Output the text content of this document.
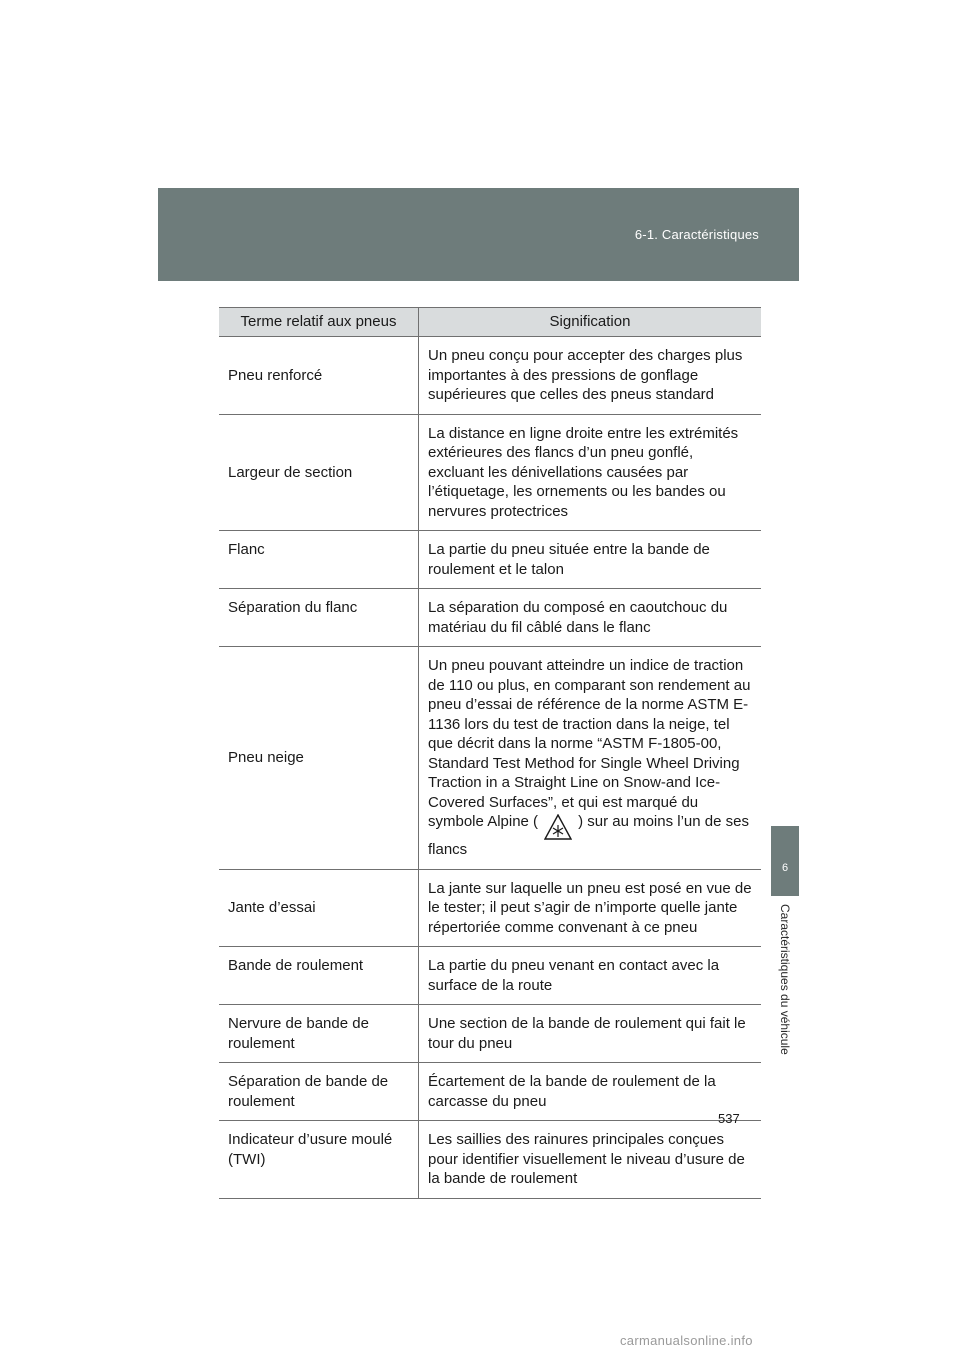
6-1. Caractéristiques
6
Caractéristiques du véhicule
Terme relatif aux pneus	Signification
Pneu renforcé	Un pneu conçu pour accepter des charges plus importantes à des pressions de gonflage supérieures que celles des pneus standard
Largeur de section	La distance en ligne droite entre les extrémités extérieures des flancs d’un pneu gonflé, excluant les dénivellations causées par l’étiquetage, les ornements ou les bandes ou nervures protectrices
Flanc	La partie du pneu située entre la bande de roulement et le talon
Séparation du flanc	La séparation du composé en caoutchouc du matériau du fil câblé dans le flanc
Pneu neige	Un pneu pouvant atteindre un indice de traction de 110 ou plus, en comparant son rendement au pneu d’essai de référence de la norme ASTM E-1136 lors du test de traction dans la neige, tel que décrit dans la norme “ASTM F-1805-00, Standard Test Method for Single Wheel Driving Traction in a Straight Line on Snow-and Ice-Covered Surfaces”, et qui est marqué du symbole Alpine ( ) sur au moins l’un de ses flancs
Jante d’essai	La jante sur laquelle un pneu est posé en vue de le tester; il peut s’agir de n’importe quelle jante répertoriée comme convenant à ce pneu
Bande de roulement	La partie du pneu venant en contact avec la surface de la route
Nervure de bande de roulement	Une section de la bande de roulement qui fait le tour du pneu
Séparation de bande de roulement	Écartement de la bande de roulement de la carcasse du pneu
Indicateur d’usure moulé (TWI)	Les saillies des rainures principales conçues pour identifier visuellement le niveau d’usure de la bande de roulement
537
carmanualsonline.info
